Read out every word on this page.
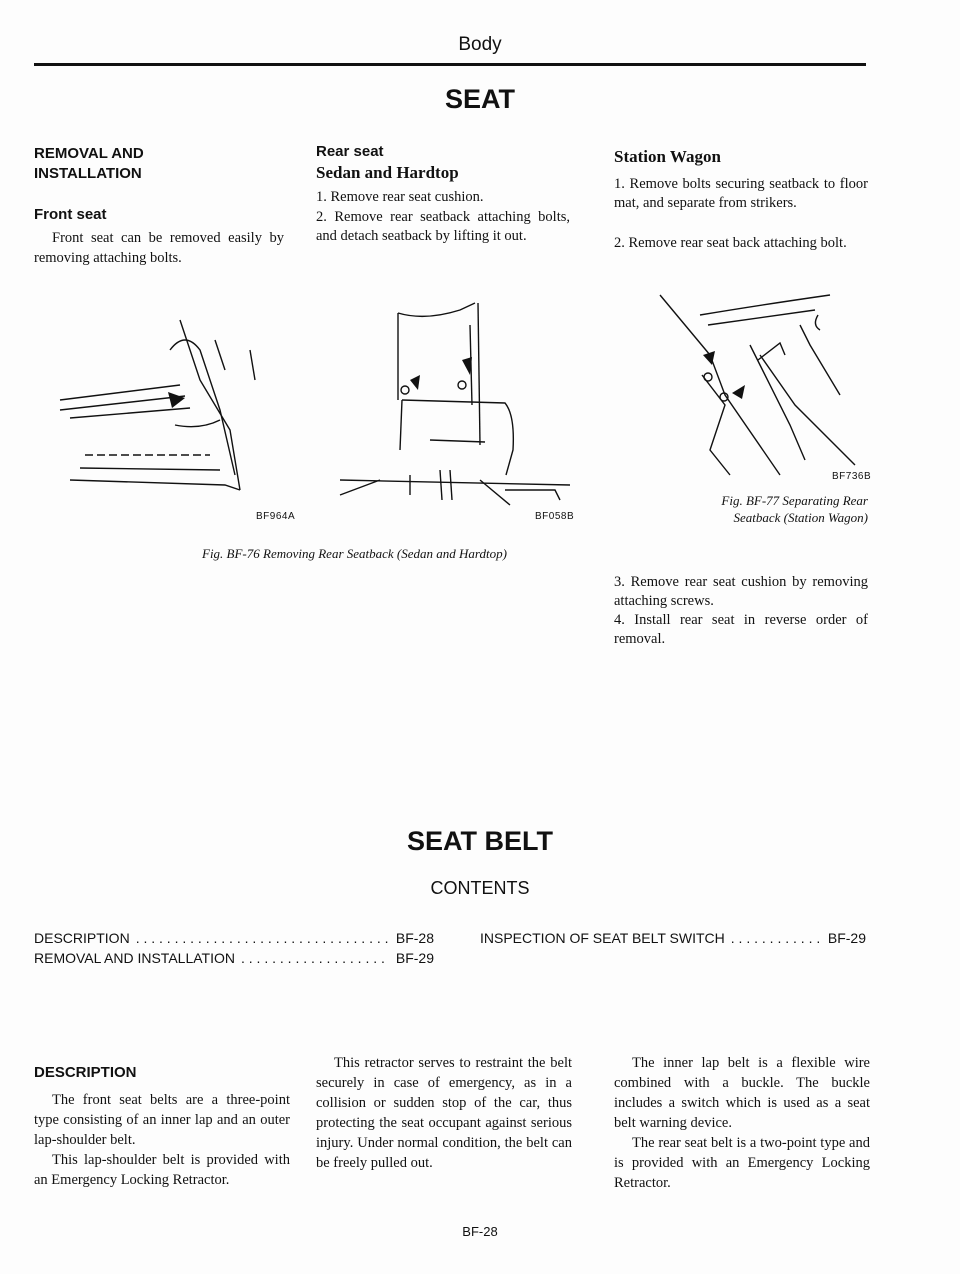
Body
SEAT
REMOVAL AND INSTALLATION
Front seat
Front seat can be removed easily by removing attaching bolts.
BF964A
Rear seat
Sedan and Hardtop
1. Remove rear seat cushion.
2. Remove rear seatback attaching bolts, and detach seatback by lifting it out.
BF058B
Fig. BF-76 Removing Rear Seatback (Sedan and Hardtop)
Station Wagon
1. Remove bolts securing seatback to floor mat, and separate from strikers.
2. Remove rear seat back attaching bolt.
BF736B
Fig. BF-77 Separating Rear
Seatback (Station Wagon)
3. Remove rear seat cushion by removing attaching screws.
4. Install rear seat in reverse order of removal.
SEAT BELT
CONTENTS
DESCRIPTION . . .	BF-28
REMOVAL AND INSTALLATION . . .	BF-29
INSPECTION OF SEAT BELT SWITCH . . .	BF-29
DESCRIPTION
The front seat belts are a three-point type consisting of an inner lap and an outer lap-shoulder belt.
This lap-shoulder belt is provided with an Emergency Locking Retractor.
This retractor serves to restraint the belt securely in case of emergency, as in a collision or sudden stop of the car, thus protecting the seat occupant against serious injury. Under normal condition, the belt can be freely pulled out.
The inner lap belt is a flexible wire combined with a buckle. The buckle includes a switch which is used as a seat belt warning device.
The rear seat belt is a two-point type and is provided with an Emergency Locking Retractor.
BF-28
